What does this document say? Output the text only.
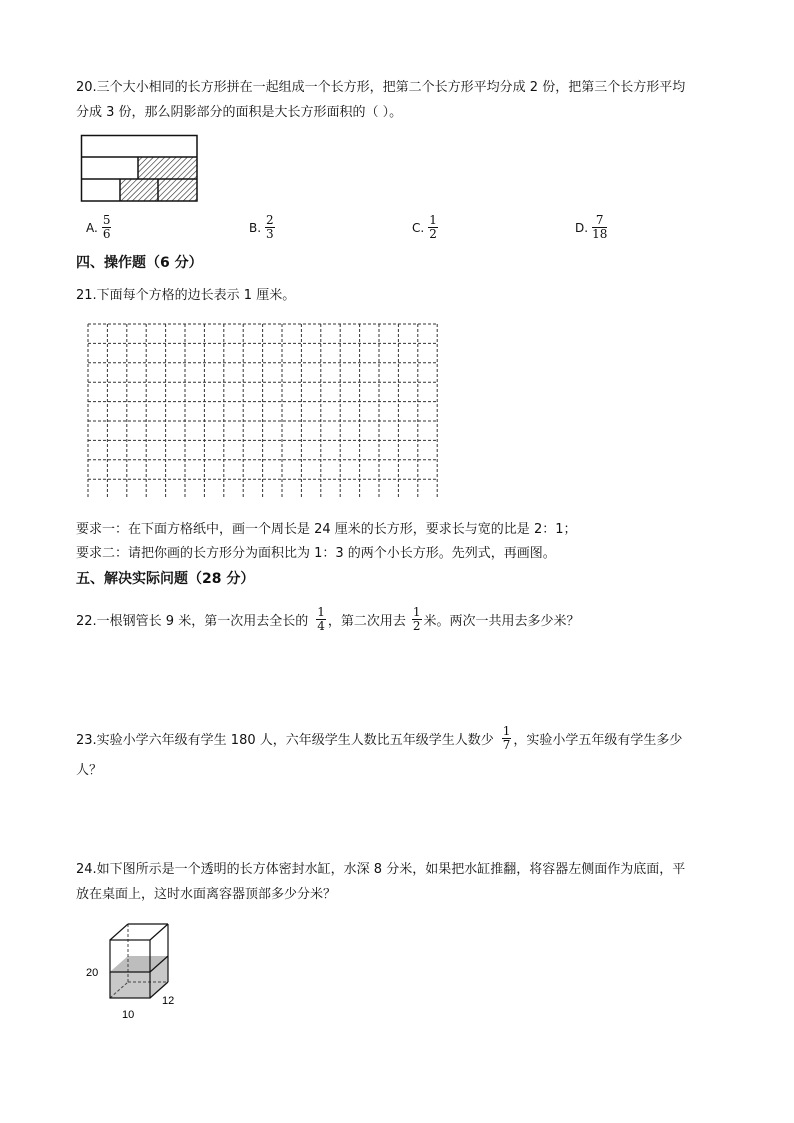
20.三个大小相同的长方形拼在一起组成一个长方形，把第二个长方形平均分成 2 份，把第三个长方形平均
分成 3 份，那么阴影部分的面积是大长方形面积的（ ）。
A. $\frac{5}{6}$	B. $\frac{2}{3}$	C. $\frac{1}{2}$	D. $\frac{7}{18}$
四、操作题（6 分）
21.下面每个方格的边长表示 1 厘米。
要求一：在下面方格纸中，画一个周长是 24 厘米的长方形，要求长与宽的比是 2：1；
要求二：请把你画的长方形分为面积比为 1：3 的两个小长方形。先列式，再画图。
五、解决实际问题（28 分）
22.一根钢管长 9 米，第一次用去全长的 $\frac{1}{4}$ ，第二次用去 $\frac{1}{2}$ 米。两次一共用去多少米？
23.实验小学六年级有学生 180 人，六年级学生人数比五年级学生人数少 $\frac{1}{7}$ ，实验小学五年级有学生多少
人？
24.如下图所示是一个透明的长方体密封水缸，水深 8 分米，如果把水缸推翻，将容器左侧面作为底面，平
放在桌面上，这时水面离容器顶部多少分米？
20
10
12
